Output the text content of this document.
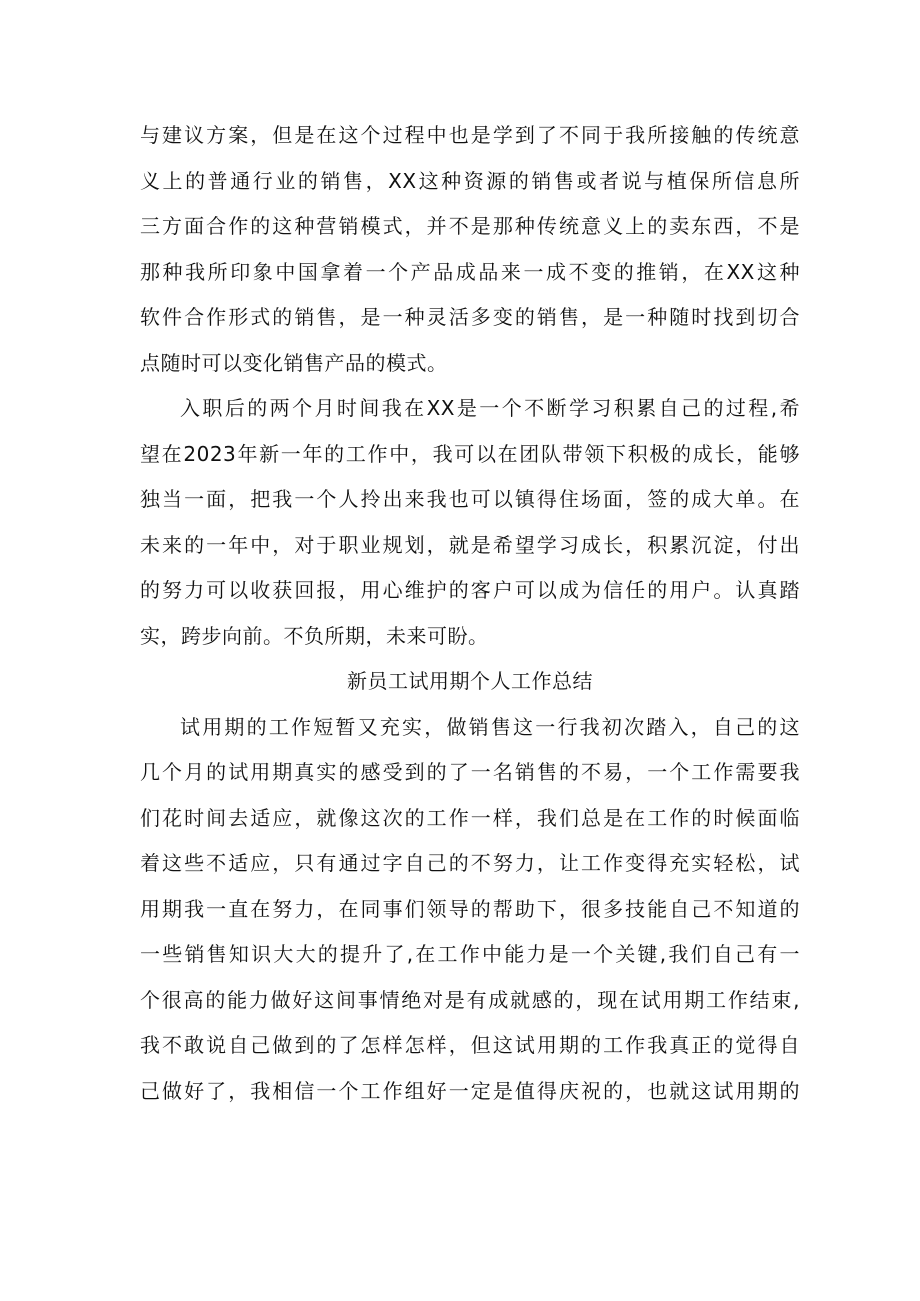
与建议方案，但是在这个过程中也是学到了不同于我所接触的传统意
义上的普通行业的销售，XX这种资源的销售或者说与植保所信息所
三方面合作的这种营销模式，并不是那种传统意义上的卖东西，不是
那种我所印象中国拿着一个产品成品来一成不变的推销，在XX这种
软件合作形式的销售，是一种灵活多变的销售，是一种随时找到切合
点随时可以变化销售产品的模式。
入职后的两个月时间我在XX是一个不断学习积累自己的过程,希
望在2023年新一年的工作中，我可以在团队带领下积极的成长，能够
独当一面，把我一个人拎出来我也可以镇得住场面，签的成大单。在
未来的一年中，对于职业规划，就是希望学习成长，积累沉淀，付出
的努力可以收获回报，用心维护的客户可以成为信任的用户。认真踏
实，跨步向前。不负所期，未来可盼。
新员工试用期个人工作总结
试用期的工作短暂又充实，做销售这一行我初次踏入，自己的这
几个月的试用期真实的感受到的了一名销售的不易，一个工作需要我
们花时间去适应，就像这次的工作一样，我们总是在工作的时候面临
着这些不适应，只有通过字自己的不努力，让工作变得充实轻松，试
用期我一直在努力，在同事们领导的帮助下，很多技能自己不知道的
一些销售知识大大的提升了,在工作中能力是一个关键,我们自己有一
个很高的能力做好这间事情绝对是有成就感的，现在试用期工作结束,
我不敢说自己做到的了怎样怎样，但这试用期的工作我真正的觉得自
己做好了，我相信一个工作组好一定是值得庆祝的，也就这试用期的
